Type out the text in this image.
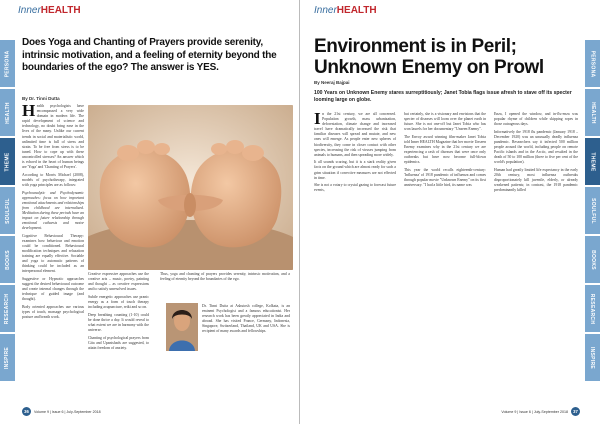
InnerHEALTH
PERSONA
HEALTH
THEME
SOULFUL
BOOKS
RESEARCH
INSPIRE
Does Yoga and Chanting of Prayers provide serenity, intrinsic motivation, and a feeling of eternity beyond the boundaries of the ego? The answer is YES.
By Dr. Tinni Dutta

Health psychologists have encompassed a very wide domain in modern life. The rapid development of science and technology, no doubt bring ease in the lives of the many. Unlike our current trends in social and materialistic world, unlimited time is full of stress and strain. To be free from stress is to be tuned. How to cope up with these uncontrolled stresses? An answer which is echoed in the heart of human beings are 'Yoga' and 'Chanting of Prayers'.

According to Morris Michael (2008), models of psychotherapy, integrated with yoga principles are as follows:

Psychoanalytic and Psychodynamic approaches: focus on how important emotional attachments and relationships from childhood are internalized. Meditation during these periods have an impact on future relationship through emotional catharsis and motor development.

Cognitive Behavioural Therapy: examines how behaviour and emotion could be conditioned. Behavioural modification techniques and relaxation training are equally effective. Sociable and yoga to automatic patterns of thinking could be included as an interpersonal element.

Suggestive or Hypnotic approaches suggest the desired behavioural outcome and create internal changes through the technique of guided image (and thought).

Body oriented approaches use various types of touch, massage psychological posture and breath work.

Creative expressive approaches use the creative arts – music, poetry, painting and thought – as creative expressions and to satisfy unresolved issues.

Subtle energetic approaches use pranic energy as a form of touch therapy including acupuncture, reiki and so on.

Deep breathing counting (1-10) could be done thrice a day. It would reveal to what extent we are in harmony with the universe.

Chanting of psychological prayers from Gita and Upanishads are suggested, to attain freedom of anxiety.

Thus, yoga and chanting of prayers provides serenity, intrinsic motivation, and a feeling of eternity beyond the boundaries of the ego.

Dr. Tinni Dutta at Ashutosh college, Kolkata, is an eminent Psychologist and a famous educationist. Her research work has been greatly appreciated in India and abroad. She has visited France, Germany, Indonesia, Singapore, Switzerland, Thailand, UK and USA. She is recipient of many awards and fellowships.
36	Volume 9 | Issue 6 | July-September 2018
InnerHEALTH
PERSONA
HEALTH
THEME
SOULFUL
BOOKS
RESEARCH
INSPIRE
Environment is in Peril; Unknown Enemy on Prowl
By Neeraj Bajpai
100 Years on Unknown Enemy stares surreptitiously; Janet Tobia flags issue afresh to stave off its specter looming large on globe.

In the 21st century, we are all concerned. Population growth, mass urbanization, deforestation, climate change and increased travel have dramatically increased the risk that familiar diseases will spread and mutate, and new ones will emerge. As people enter new spheres of biodiversity, they come in closer contact with other species, increasing the risk of viruses jumping from animals to humans, and then spreading more widely.

It all sounds scaring, but it is a stark reality given facts on the ground which are almost ready for such a grim situation if corrective measures are not effected in time.

She is not a votary to crystal gazing to forecast future events,

but certainly, she is a visionary and envisions that the specter of diseases will loom over the planet earth in future. She is not one-off but Janet Tobia who has won laurels for her documentary "Unseen Enemy".

The Envoy award winning film-maker Janet Tobia told Inner HEALTH Magazine that her movie Unseen Enemy examines why in the 21st century we are experiencing a rash of diseases that were once only outbreaks but have now become full-blown epidemics.

This year the world recalls eighteenth-century: 'Influenza' of 1918 pandemic of influenza and comes through popular movie "Unknown Enemy" on its first anniversary. "I had a little bird, its name was

Enza, I opened the window, and in-flu-enza was popular rhyme of children while skipping ropes in those outrageous days.

Informatively the 1918 flu pandemic (January 1918 – December 1920) was an unusually deadly influenza pandemic. Researchers say it infected 500 million people around the world, including people on remote Pacific islands and in the Arctic, and resulted in the death of 50 to 100 million (three to five per cent of the world's population).

Human had greatly limited life expectancy in the early 20th century, most influenza outbreaks disproportionately kill juvenile, elderly, or already weakened patients; in contrast, the 1918 pandemic predominantly killed

Volume 9 | Issue 6 | July-September 2018	37
